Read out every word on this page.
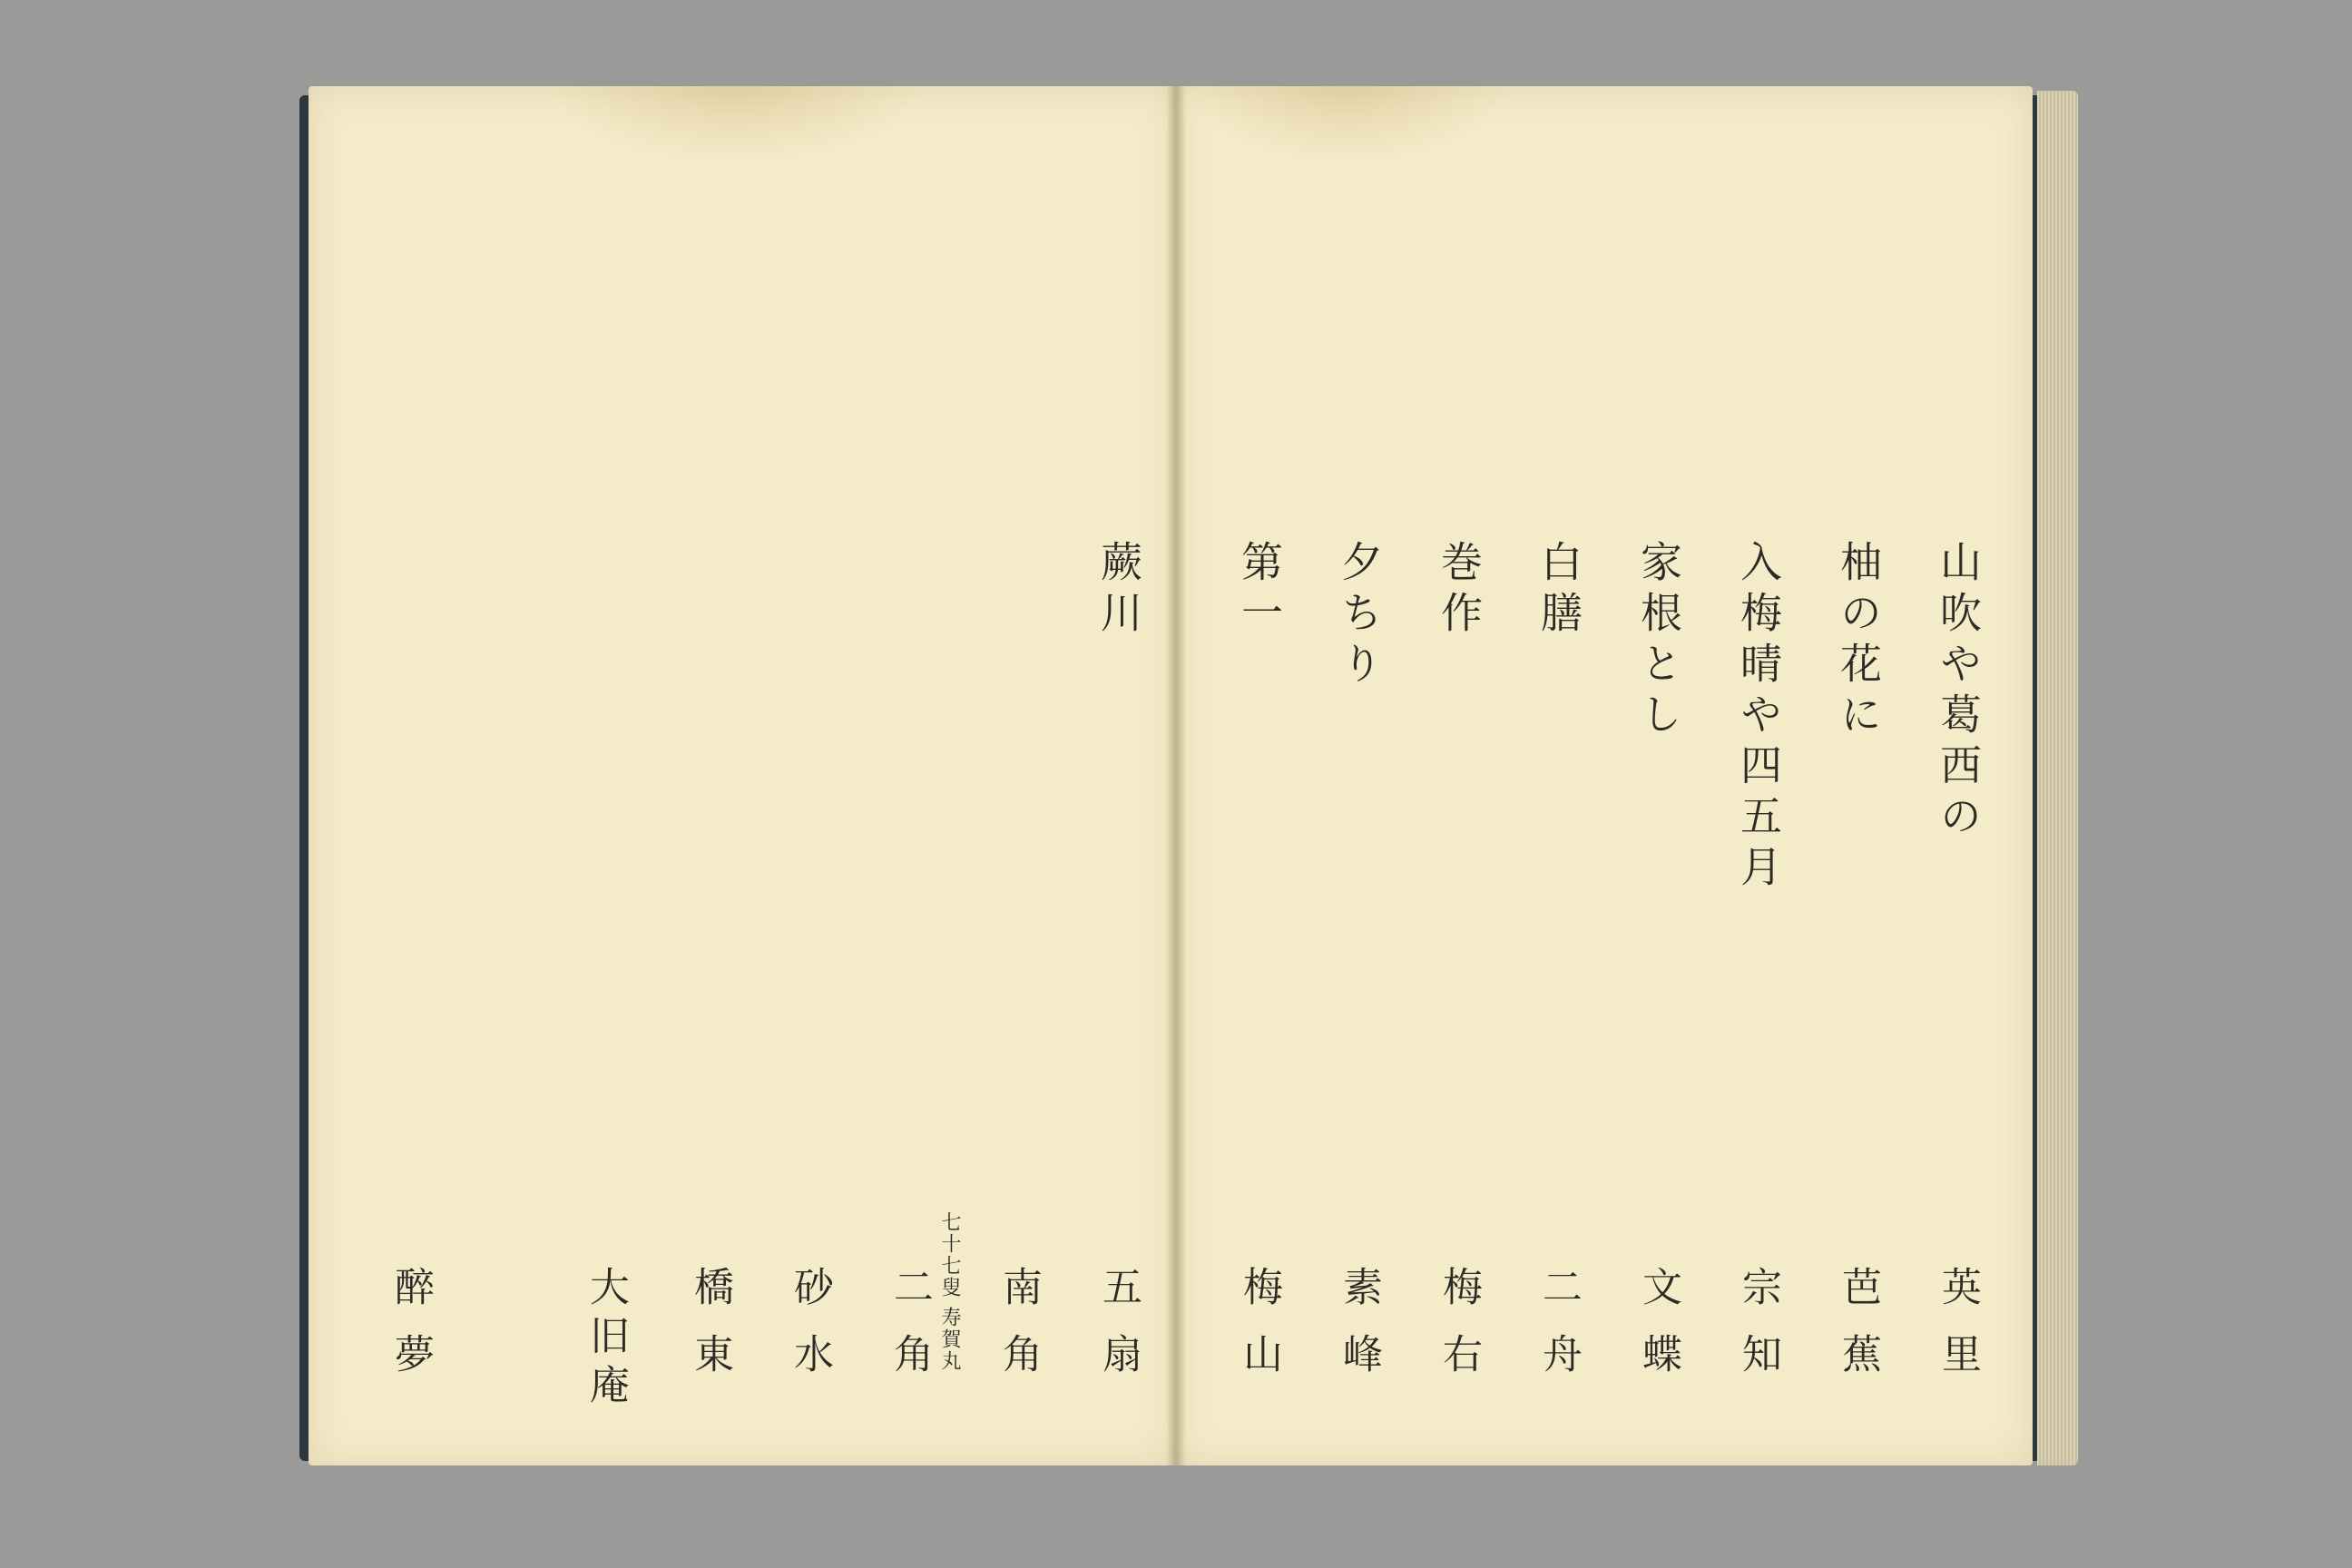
蕨川
五扇
南角
七十七叟 寿賀丸
二角
砂水
橋東
大旧庵
醉夢
山吹や葛西の
英里
柚の花に
芭蕉
入梅晴や四五月
宗知
家根とし
文蝶
白膳
二舟
巻作
梅右
夕ちり
素峰
第一
梅山
